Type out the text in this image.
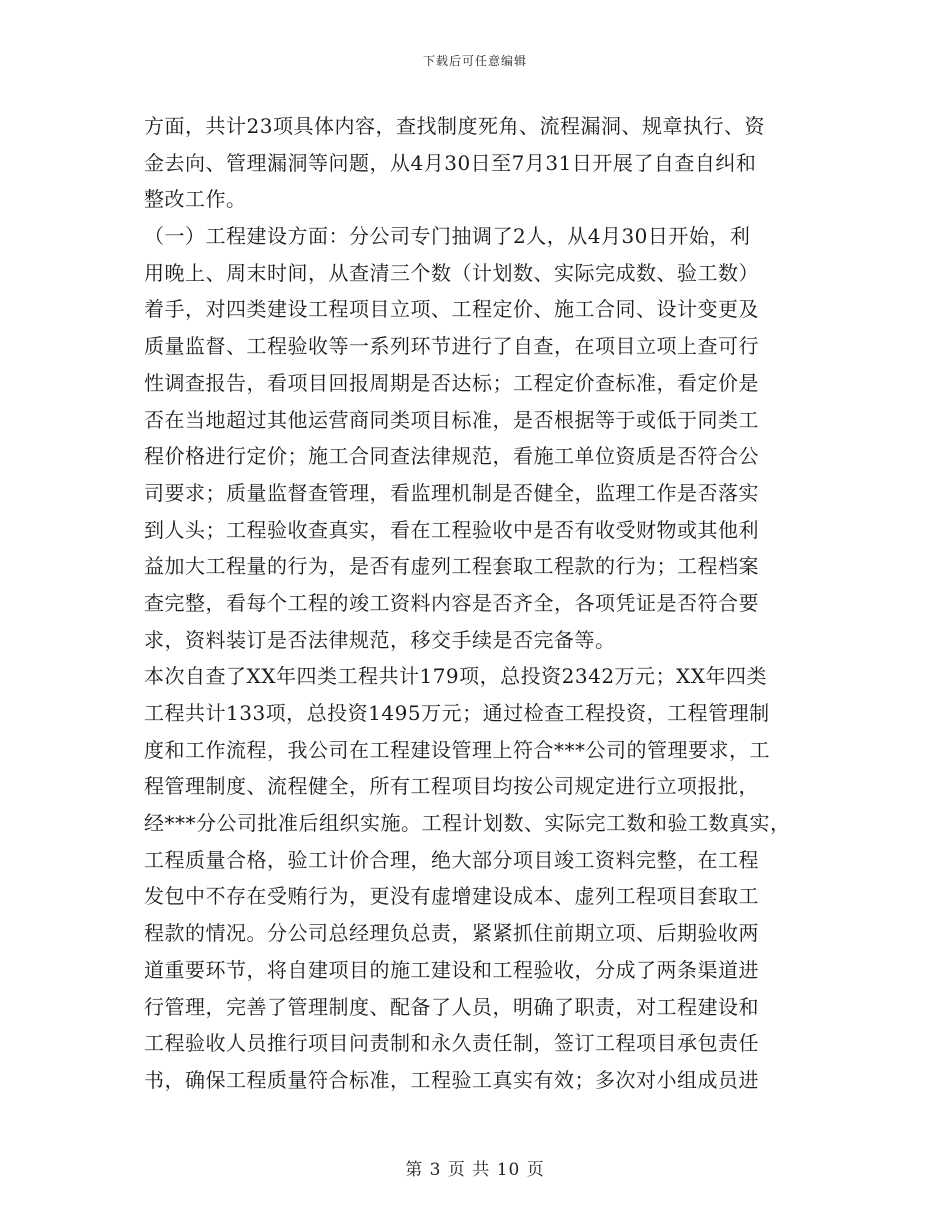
下载后可任意编辑
方面，共计23项具体内容，查找制度死角、流程漏洞、规章执行、资
金去向、管理漏洞等问题，从4月30日至7月31日开展了自查自纠和
整改工作。
（一）工程建设方面：分公司专门抽调了2人，从4月30日开始，利
用晚上、周末时间，从查清三个数（计划数、实际完成数、验工数）
着手，对四类建设工程项目立项、工程定价、施工合同、设计变更及
质量监督、工程验收等一系列环节进行了自查，在项目立项上查可行
性调查报告，看项目回报周期是否达标；工程定价查标准，看定价是
否在当地超过其他运营商同类项目标准，是否根据等于或低于同类工
程价格进行定价；施工合同查法律规范，看施工单位资质是否符合公
司要求；质量监督查管理，看监理机制是否健全，监理工作是否落实
到人头；工程验收查真实，看在工程验收中是否有收受财物或其他利
益加大工程量的行为，是否有虚列工程套取工程款的行为；工程档案
查完整，看每个工程的竣工资料内容是否齐全，各项凭证是否符合要
求，资料装订是否法律规范，移交手续是否完备等。
本次自查了XX年四类工程共计179项，总投资2342万元；XX年四类
工程共计133项，总投资1495万元；通过检查工程投资，工程管理制
度和工作流程，我公司在工程建设管理上符合***公司的管理要求，工
程管理制度、流程健全，所有工程项目均按公司规定进行立项报批，
经***分公司批准后组织实施。工程计划数、实际完工数和验工数真实，
工程质量合格，验工计价合理，绝大部分项目竣工资料完整，在工程
发包中不存在受贿行为，更没有虚增建设成本、虚列工程项目套取工
程款的情况。分公司总经理负总责，紧紧抓住前期立项、后期验收两
道重要环节，将自建项目的施工建设和工程验收，分成了两条渠道进
行管理，完善了管理制度、配备了人员，明确了职责，对工程建设和
工程验收人员推行项目问责制和永久责任制，签订工程项目承包责任
书，确保工程质量符合标准，工程验工真实有效；多次对小组成员进
第 3 页 共 10 页
